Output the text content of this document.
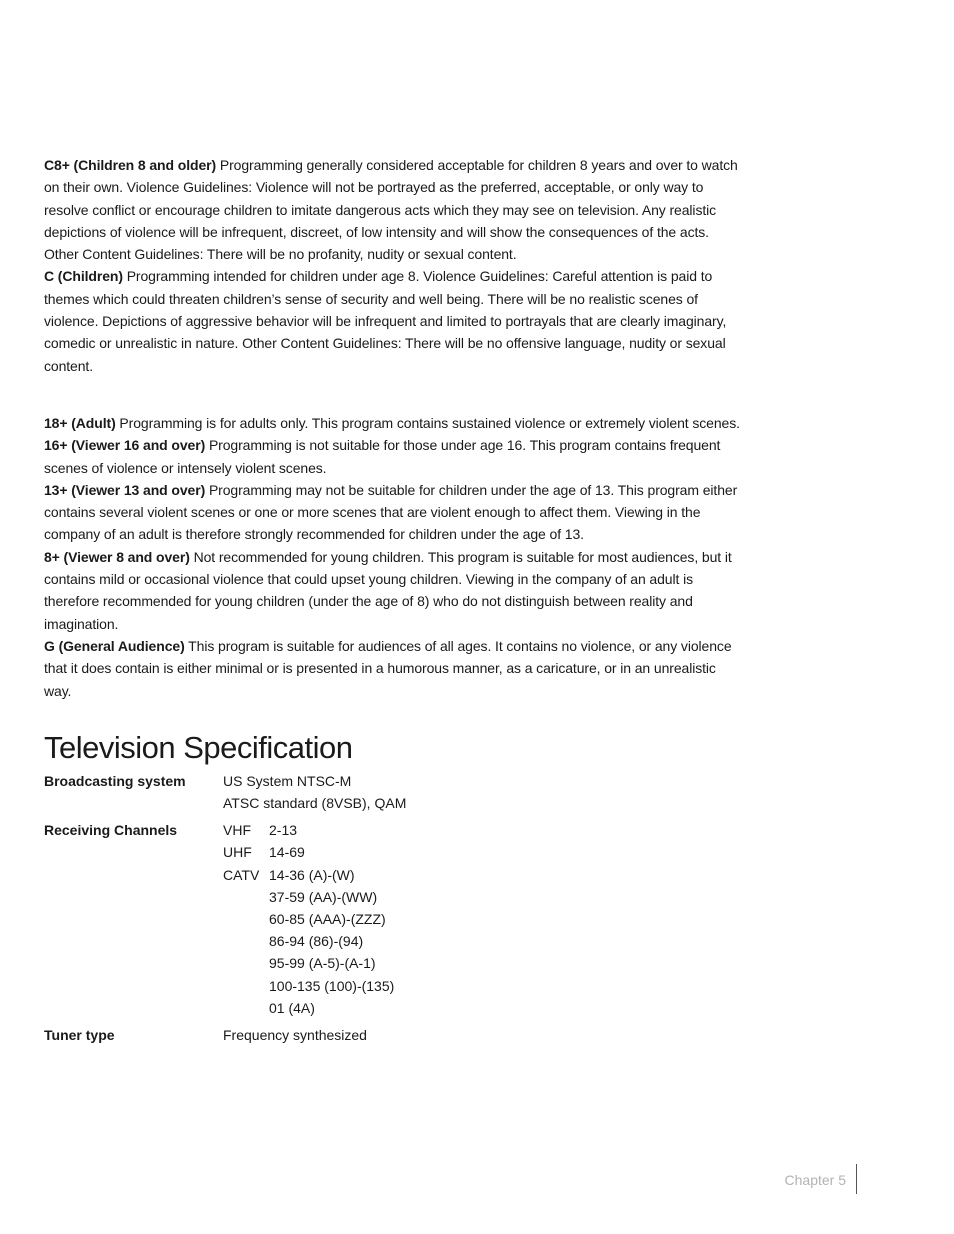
C8+ (Children 8 and older) Programming generally considered acceptable for children 8 years and over to watch on their own. Violence Guidelines: Violence will not be portrayed as the preferred, acceptable, or only way to resolve conflict or encourage children to imitate dangerous acts which they may see on television. Any realistic depictions of violence will be infrequent, discreet, of low intensity and will show the consequences of the acts. Other Content Guidelines: There will be no profanity, nudity or sexual content.

C (Children) Programming intended for children under age 8. Violence Guidelines: Careful attention is paid to themes which could threaten children’s sense of security and well being. There will be no realistic scenes of violence. Depictions of aggressive behavior will be infrequent and limited to portrayals that are clearly imaginary, comedic or unrealistic in nature. Other Content Guidelines: There will be no offensive language, nudity or sexual content.

18+ (Adult) Programming is for adults only. This program contains sustained violence or extremely violent scenes.

16+ (Viewer 16 and over) Programming is not suitable for those under age 16. This program contains frequent scenes of violence or intensely violent scenes.

13+ (Viewer 13 and over) Programming may not be suitable for children under the age of 13. This program either contains several violent scenes or one or more scenes that are violent enough to affect them. Viewing in the company of an adult is therefore strongly recommended for children under the age of 13.

8+ (Viewer 8 and over) Not recommended for young children. This program is suitable for most audiences, but it contains mild or occasional violence that could upset young children. Viewing in the company of an adult is therefore recommended for young children (under the age of 8) who do not distinguish between reality and imagination.

G (General Audience) This program is suitable for audiences of all ages. It contains no violence, or any violence that it does contain is either minimal or is presented in a humorous manner, as a caricature, or in an unrealistic way.

Television Specification
Broadcasting system	US System NTSC-M
ATSC standard (8VSB), QAM
Receiving Channels	VHF	2-13
UHF	14-69
CATV 14-36 (A)-(W)
37-59 (AA)-(WW)
60-85 (AAA)-(ZZZ)
86-94 (86)-(94)
95-99 (A-5)-(A-1)
100-135 (100)-(135)
01 (4A)
Tuner type	Frequency synthesized
Chapter 5
